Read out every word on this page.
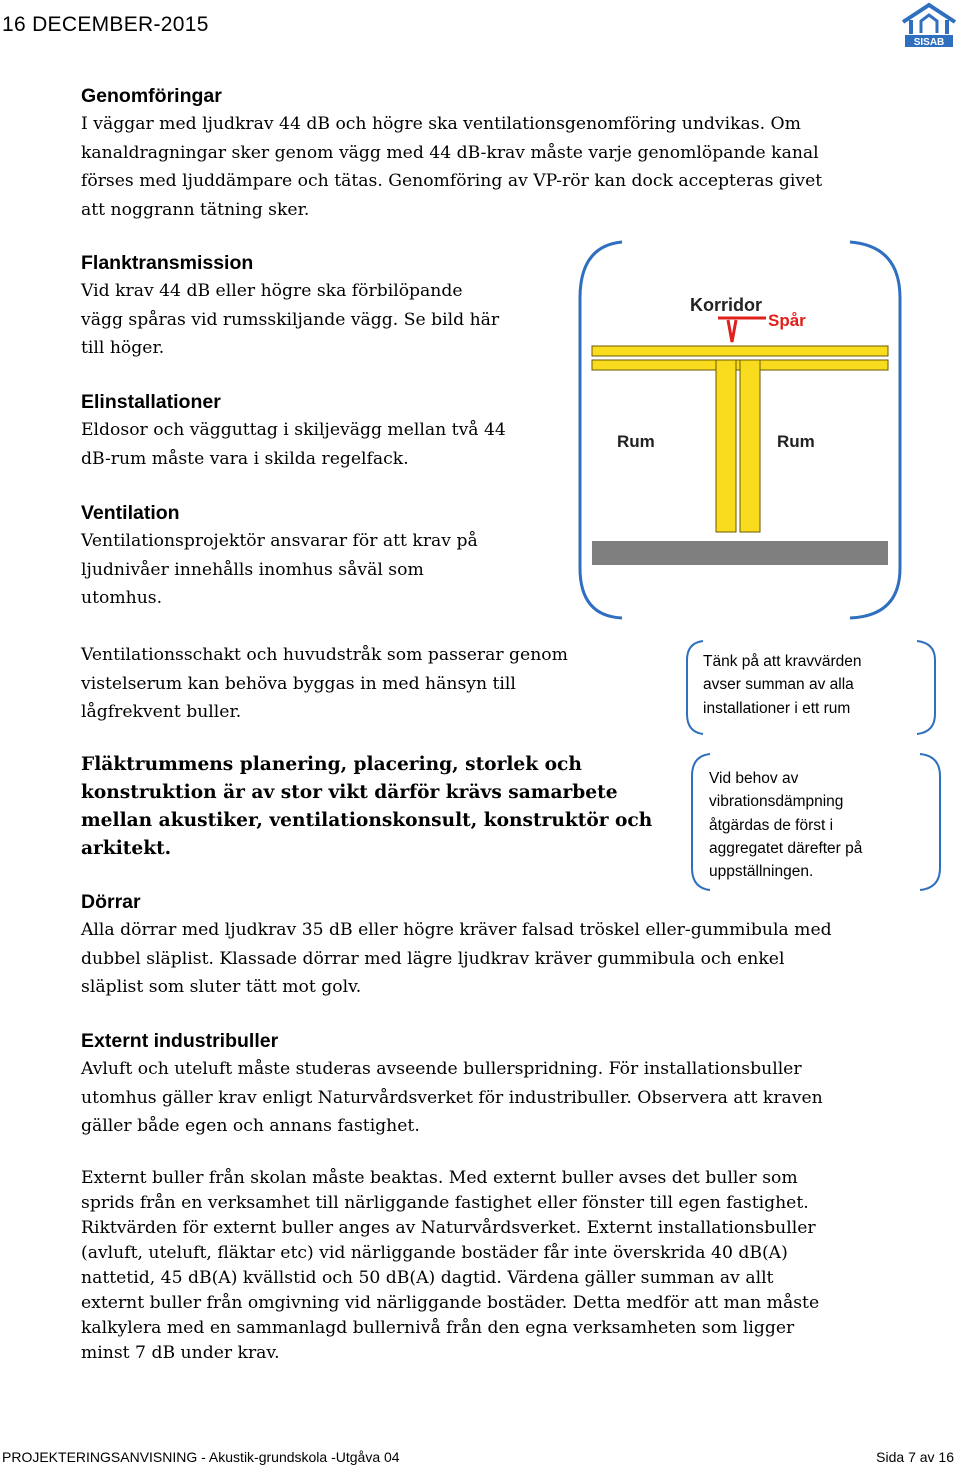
16 DECEMBER-2015
SISAB
Genomföringar
I väggar med ljudkrav 44 dB och högre ska ventilationsgenomföring undvikas. Om
kanaldragningar sker genom vägg med 44 dB-krav måste varje genomlöpande kanal
förses med ljuddämpare och tätas. Genomföring av VP-rör kan dock accepteras givet
att noggrann tätning sker.
Flanktransmission
Vid krav 44 dB eller högre ska förbilöpande
vägg spåras vid rumsskiljande vägg. Se bild här
till höger.
Elinstallationer
Eldosor och vägguttag i skiljevägg mellan två 44
dB-rum måste vara i skilda regelfack.
Ventilation
Ventilationsprojektör ansvarar för att krav på
ljudnivåer innehålls inomhus såväl som
utomhus.
Ventilationsschakt och huvudstråk som passerar genom
vistelserum kan behöva byggas in med hänsyn till
lågfrekvent buller.
Fläktrummens planering, placering, storlek och
konstruktion är av stor vikt därför krävs samarbete
mellan akustiker, ventilationskonsult, konstruktör och
arkitekt.
Korridor
Spår
Rum	Rum
Tänk på att kravvärden
avser summan av alla
installationer i ett rum
Vid behov av
vibrationsdämpning
åtgärdas de först i
aggregatet därefter på
uppställningen.
Dörrar
Alla dörrar med ljudkrav 35 dB eller högre kräver falsad tröskel eller-gummibula med
dubbel släplist. Klassade dörrar med lägre ljudkrav kräver gummibula och enkel
släplist som sluter tätt mot golv.
Externt industribuller
Avluft och uteluft måste studeras avseende bullerspridning. För installationsbuller
utomhus gäller krav enligt Naturvårdsverket för industribuller. Observera att kraven
gäller både egen och annans fastighet.
Externt buller från skolan måste beaktas. Med externt buller avses det buller som
sprids från en verksamhet till närliggande fastighet eller fönster till egen fastighet.
Riktvärden för externt buller anges av Naturvårdsverket. Externt installationsbuller
(avluft, uteluft, fläktar etc) vid närliggande bostäder får inte överskrida 40 dB(A)
nattetid, 45 dB(A) kvällstid och 50 dB(A) dagtid. Värdena gäller summan av allt
externt buller från omgivning vid närliggande bostäder. Detta medför att man måste
kalkylera med en sammanlagd bullernivå från den egna verksamheten som ligger
minst 7 dB under krav.
PROJEKTERINGSANVISNING - Akustik-grundskola -Utgåva 04	Sida 7 av 16
